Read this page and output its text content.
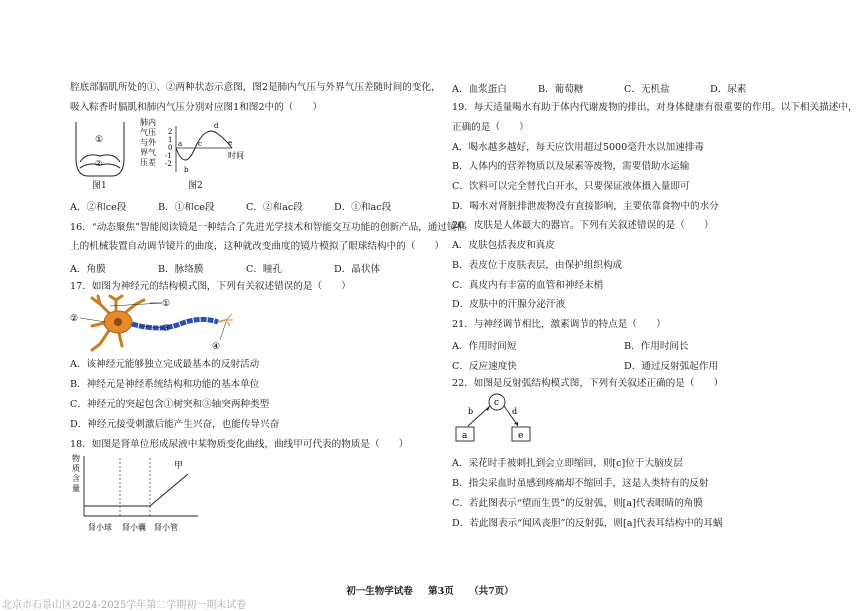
腔底部膈肌所处的①、②两种状态示意图，图2是肺内气压与外界气压差随时间的变化，
吸入粽香时膈肌和肺内气压分别对应图1和图2中的（　　）
①
②
图1
肺内
气压
与外
界气
压差
2
1
0
-1
-2
a
b
c
d
e
时间
图2
A．②和ce段	B．①和ce段	C．②和ac段	D．①和ac段
16．“动态聚焦”智能阅读镜是一种结合了先进光学技术和智能交互功能的创新产品，通过镜框
上的机械装置自动调节镜片的曲度，这种就改变曲度的镜片模拟了眼球结构中的（　　）
A．角膜	B．脉络膜	C．瞳孔	D．晶状体
17．如图为神经元的结构模式图，下列有关叙述错误的是（　　）
①
②
③
④
A．该神经元能够独立完成最基本的反射活动
B．神经元是神经系统结构和功能的基本单位
C．神经元的突起包含①树突和③轴突两种类型
D．神经元接受刺激后能产生兴奋，也能传导兴奋
18．如图是肾单位形成尿液中某物质变化曲线，曲线甲可代表的物质是（　　）
物
质
含
量
甲
肾小球 肾小囊 肾小管
A．血浆蛋白	B．葡萄糖	C．无机盐	D．尿素
19．每天适量喝水有助于体内代谢废物的排出，对身体健康有很重要的作用。以下相关描述中，
正确的是（　　）
A．喝水越多越好，每天应饮用超过5000毫升水以加速排毒
B．人体内的营养物质以及尿素等废物，需要借助水运输
C．饮料可以完全替代白开水，只要保证液体摄入量即可
D．喝水对肾脏排泄废物没有直接影响，主要依靠食物中的水分
20．皮肤是人体最大的器官。下列有关叙述错误的是（　　）
A．皮肤包括表皮和真皮
B．表皮位于皮肤表层，由保护组织构成
C．真皮内有丰富的血管和神经末梢
D．皮肤中的汗腺分泌汗液
21．与神经调节相比，激素调节的特点是（　　）
A．作用时间短	B．作用时间长
C．反应速度快	D．通过反射弧起作用
22．如图是反射弧结构模式图，下列有关叙述正确的是（　　）
c
b	d
a	e
A．采花时手被刺扎到会立即缩回，则[c]位于大脑皮层
B．指尖采血时虽感到疼痛却不缩回手，这是人类特有的反射
C．若此图表示“望而生畏”的反射弧，则[a]代表眼睛的角膜
D．若此图表示“闻风丧胆”的反射弧，则[a]代表耳结构中的耳蜗
初一生物学试卷 第3页 （共7页）
北京市石景山区2024-2025学年第二学期初一期末试卷
